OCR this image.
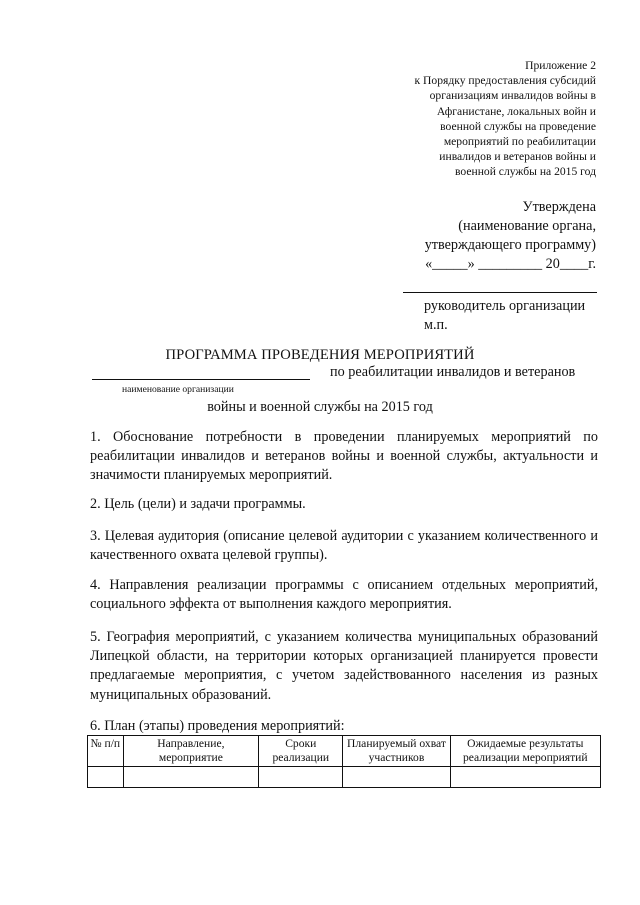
Приложение 2
к Порядку предоставления субсидий
организациям инвалидов войны в
Афганистане, локальных войн и
военной службы на проведение
мероприятий по реабилитации
инвалидов и ветеранов войны и
военной службы на 2015 год
Утверждена
(наименование органа,
утверждающего программу)
«_____» _________ 20____г.
руководитель организации
м.п.
ПРОГРАММА ПРОВЕДЕНИЯ МЕРОПРИЯТИЙ
по реабилитации инвалидов и ветеранов
наименование организации
войны и военной службы на 2015 год
1. Обоснование потребности в проведении планируемых мероприятий по реабилитации инвалидов и ветеранов войны и военной службы, актуальности и значимости планируемых мероприятий.
2. Цель (цели) и задачи программы.
3. Целевая аудитория (описание целевой аудитории с указанием количественного и качественного охвата целевой группы).
4. Направления реализации программы с описанием отдельных мероприятий, социального эффекта от выполнения каждого мероприятия.
5. География мероприятий, с указанием количества муниципальных образований Липецкой области, на территории которых организацией планируется провести предлагаемые мероприятия, с учетом задействованного населения из разных муниципальных образований.
6. План (этапы) проведения мероприятий:
№ п/п	Направление, мероприятие	Сроки реализации	Планируемый охват участников	Ожидаемые результаты реализации мероприятий
